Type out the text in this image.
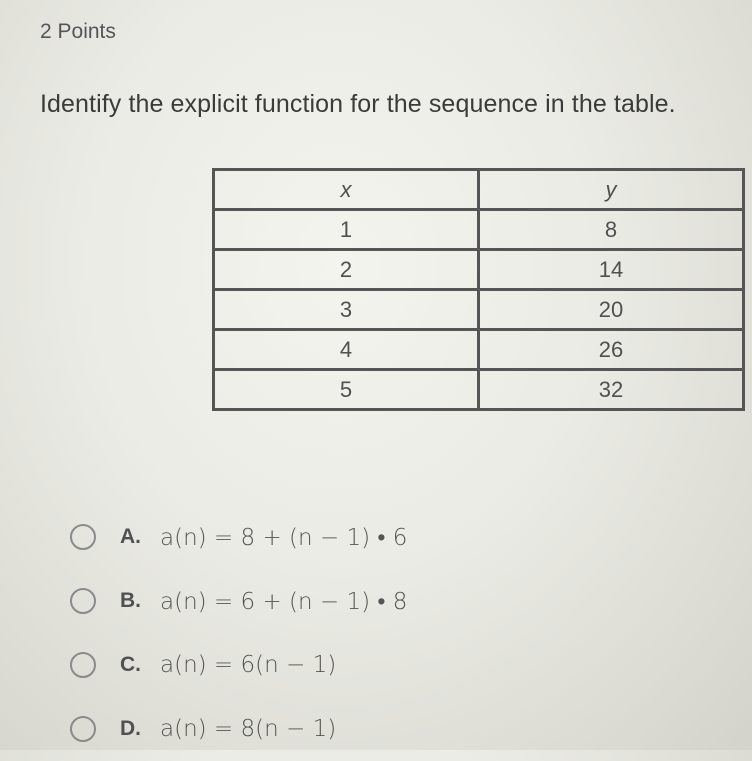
2 Points
Identify the explicit function for the sequence in the table.
x	y
1	8
2	14
3	20
4	26
5	32
A. a(n) = 8 + (n − 1) • 6
B. a(n) = 6 + (n − 1) • 8
C. a(n) = 6(n − 1)
D. a(n) = 8(n − 1)
